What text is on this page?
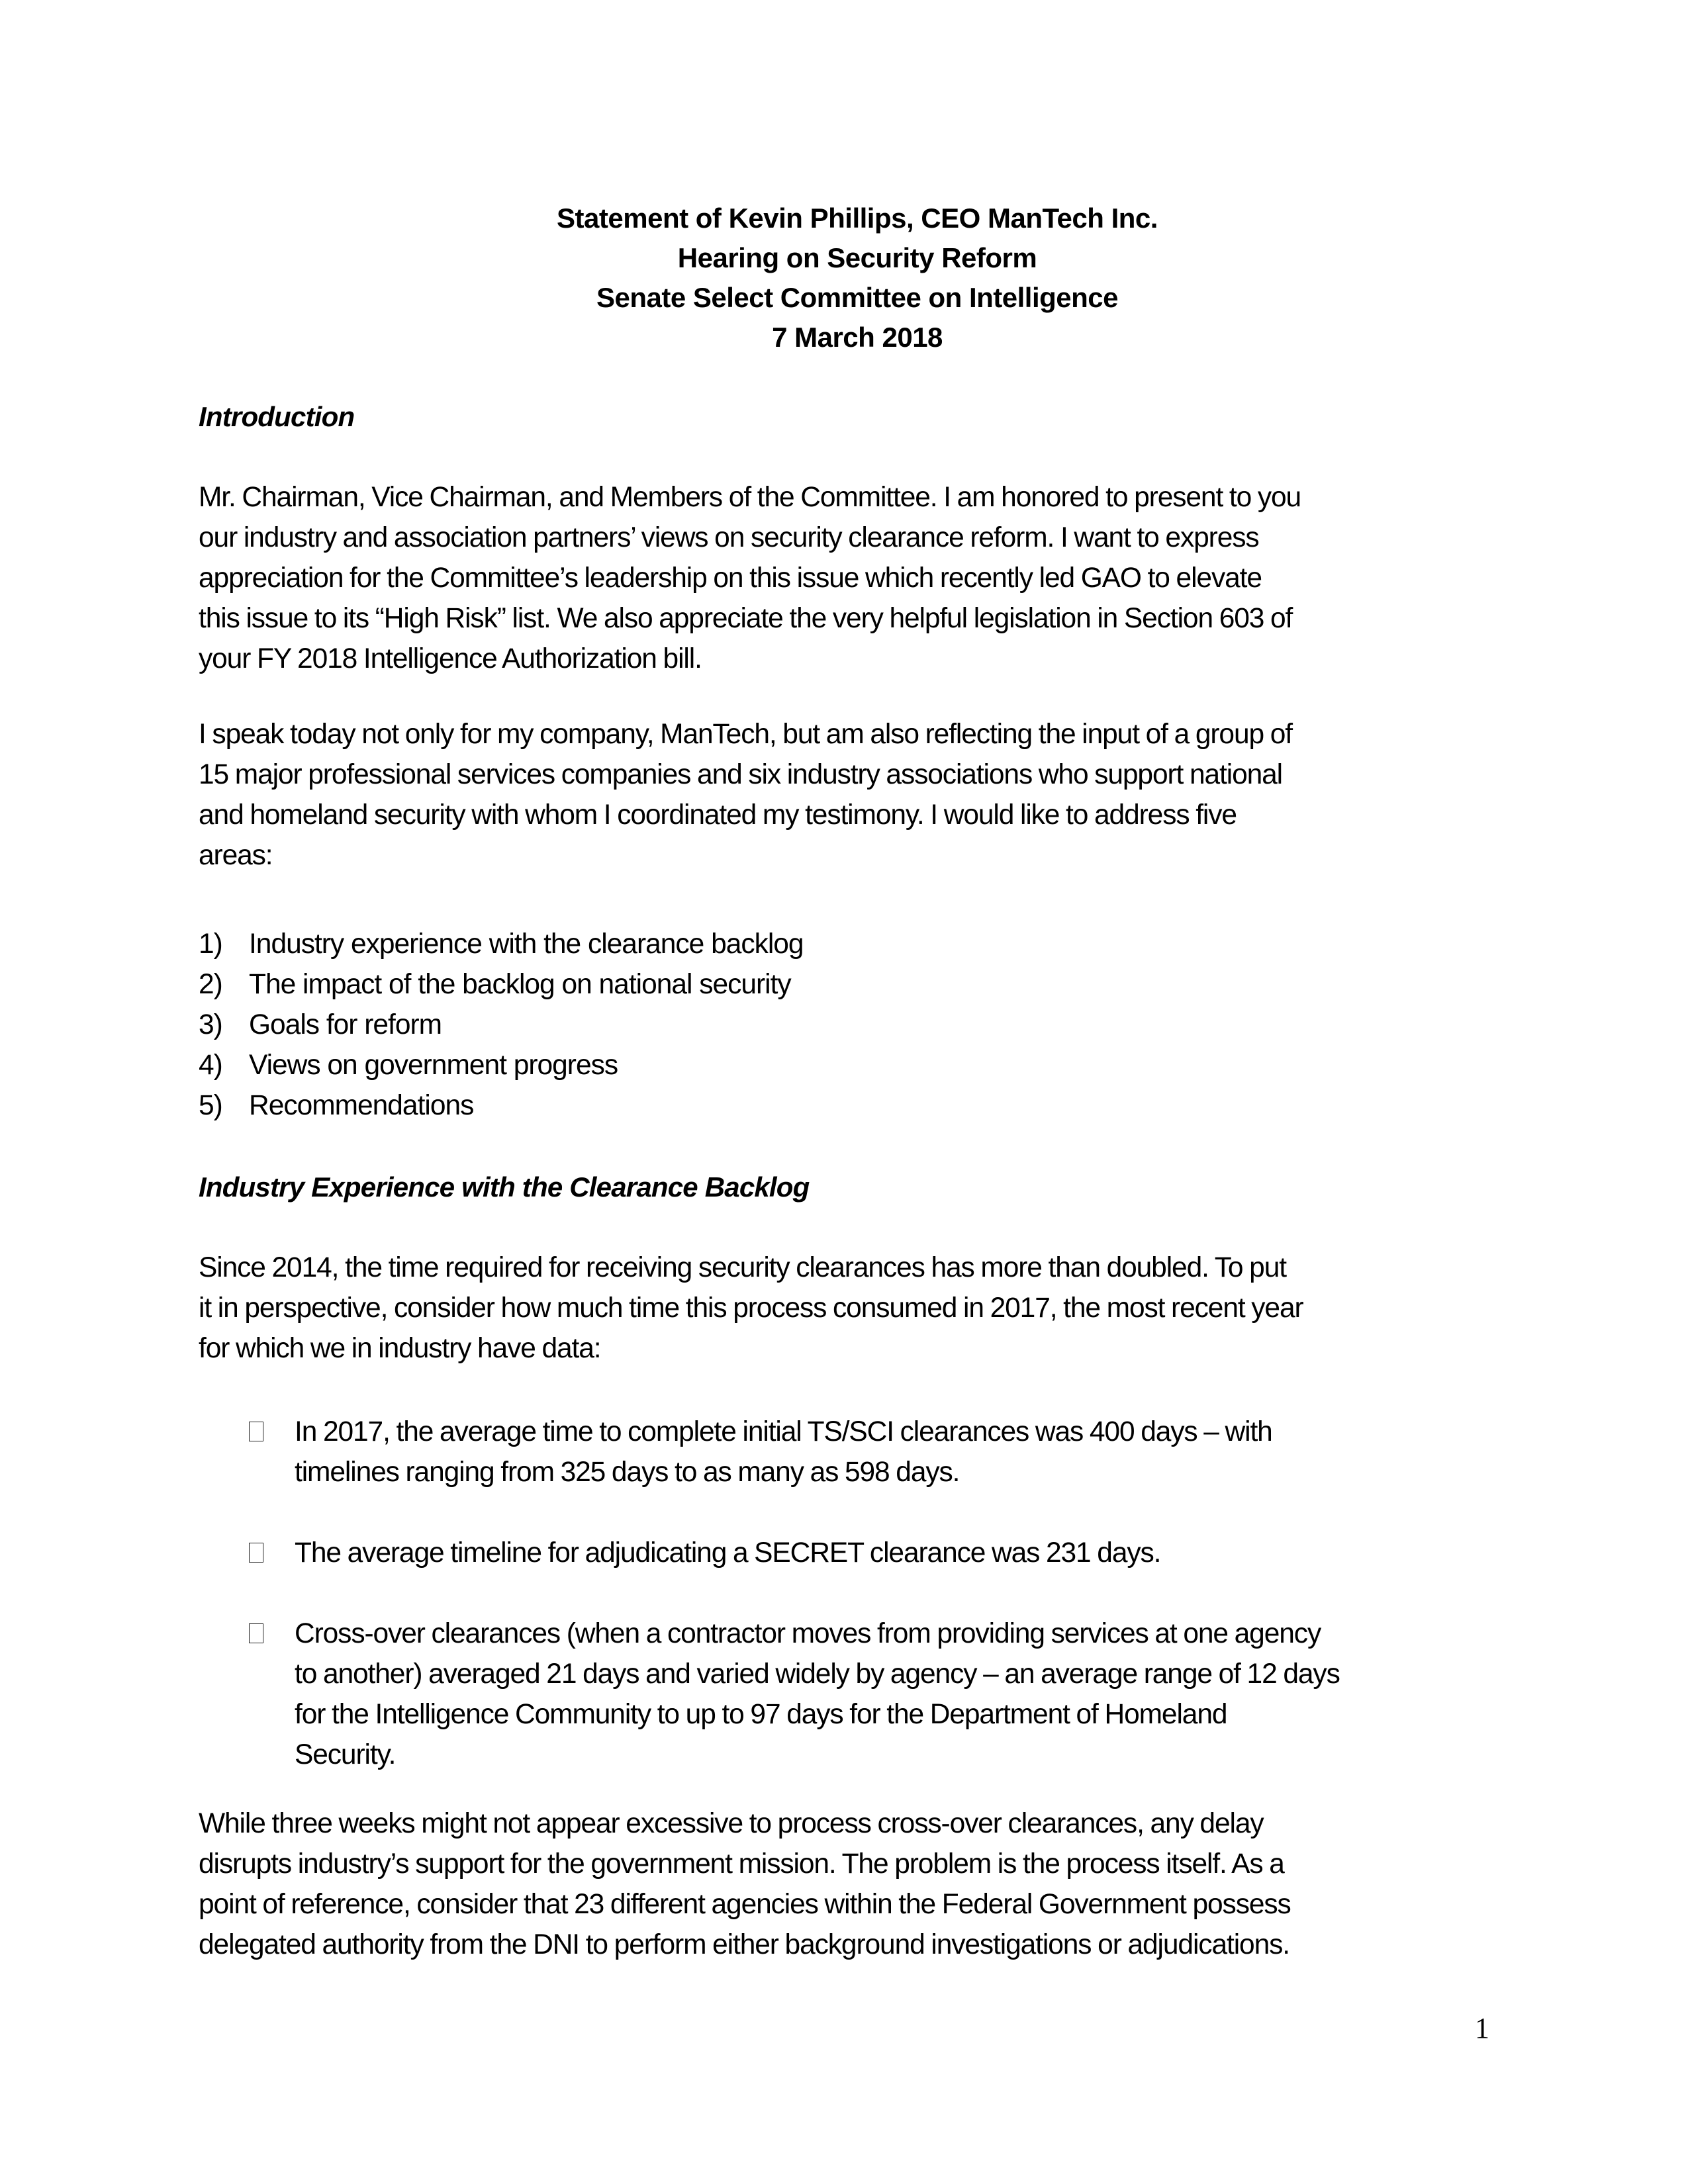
Statement of Kevin Phillips, CEO ManTech Inc.
Hearing on Security Reform
Senate Select Committee on Intelligence
7 March 2018
Introduction
Mr. Chairman, Vice Chairman, and Members of the Committee. I am honored to present to you
our industry and association partners’ views on security clearance reform. I want to express
appreciation for the Committee’s leadership on this issue which recently led GAO to elevate
this issue to its “High Risk” list. We also appreciate the very helpful legislation in Section 603 of
your FY 2018 Intelligence Authorization bill.
I speak today not only for my company, ManTech, but am also reflecting the input of a group of
15 major professional services companies and six industry associations who support national
and homeland security with whom I coordinated my testimony. I would like to address five
areas:
1) Industry experience with the clearance backlog
2) The impact of the backlog on national security
3) Goals for reform
4) Views on government progress
5) Recommendations
Industry Experience with the Clearance Backlog
Since 2014, the time required for receiving security clearances has more than doubled. To put
it in perspective, consider how much time this process consumed in 2017, the most recent year
for which we in industry have data:
In 2017, the average time to complete initial TS/SCI clearances was 400 days – with
timelines ranging from 325 days to as many as 598 days.
The average timeline for adjudicating a SECRET clearance was 231 days.
Cross-over clearances (when a contractor moves from providing services at one agency
to another) averaged 21 days and varied widely by agency – an average range of 12 days
for the Intelligence Community to up to 97 days for the Department of Homeland
Security.
While three weeks might not appear excessive to process cross-over clearances, any delay
disrupts industry’s support for the government mission. The problem is the process itself. As a
point of reference, consider that 23 different agencies within the Federal Government possess
delegated authority from the DNI to perform either background investigations or adjudications.
1
